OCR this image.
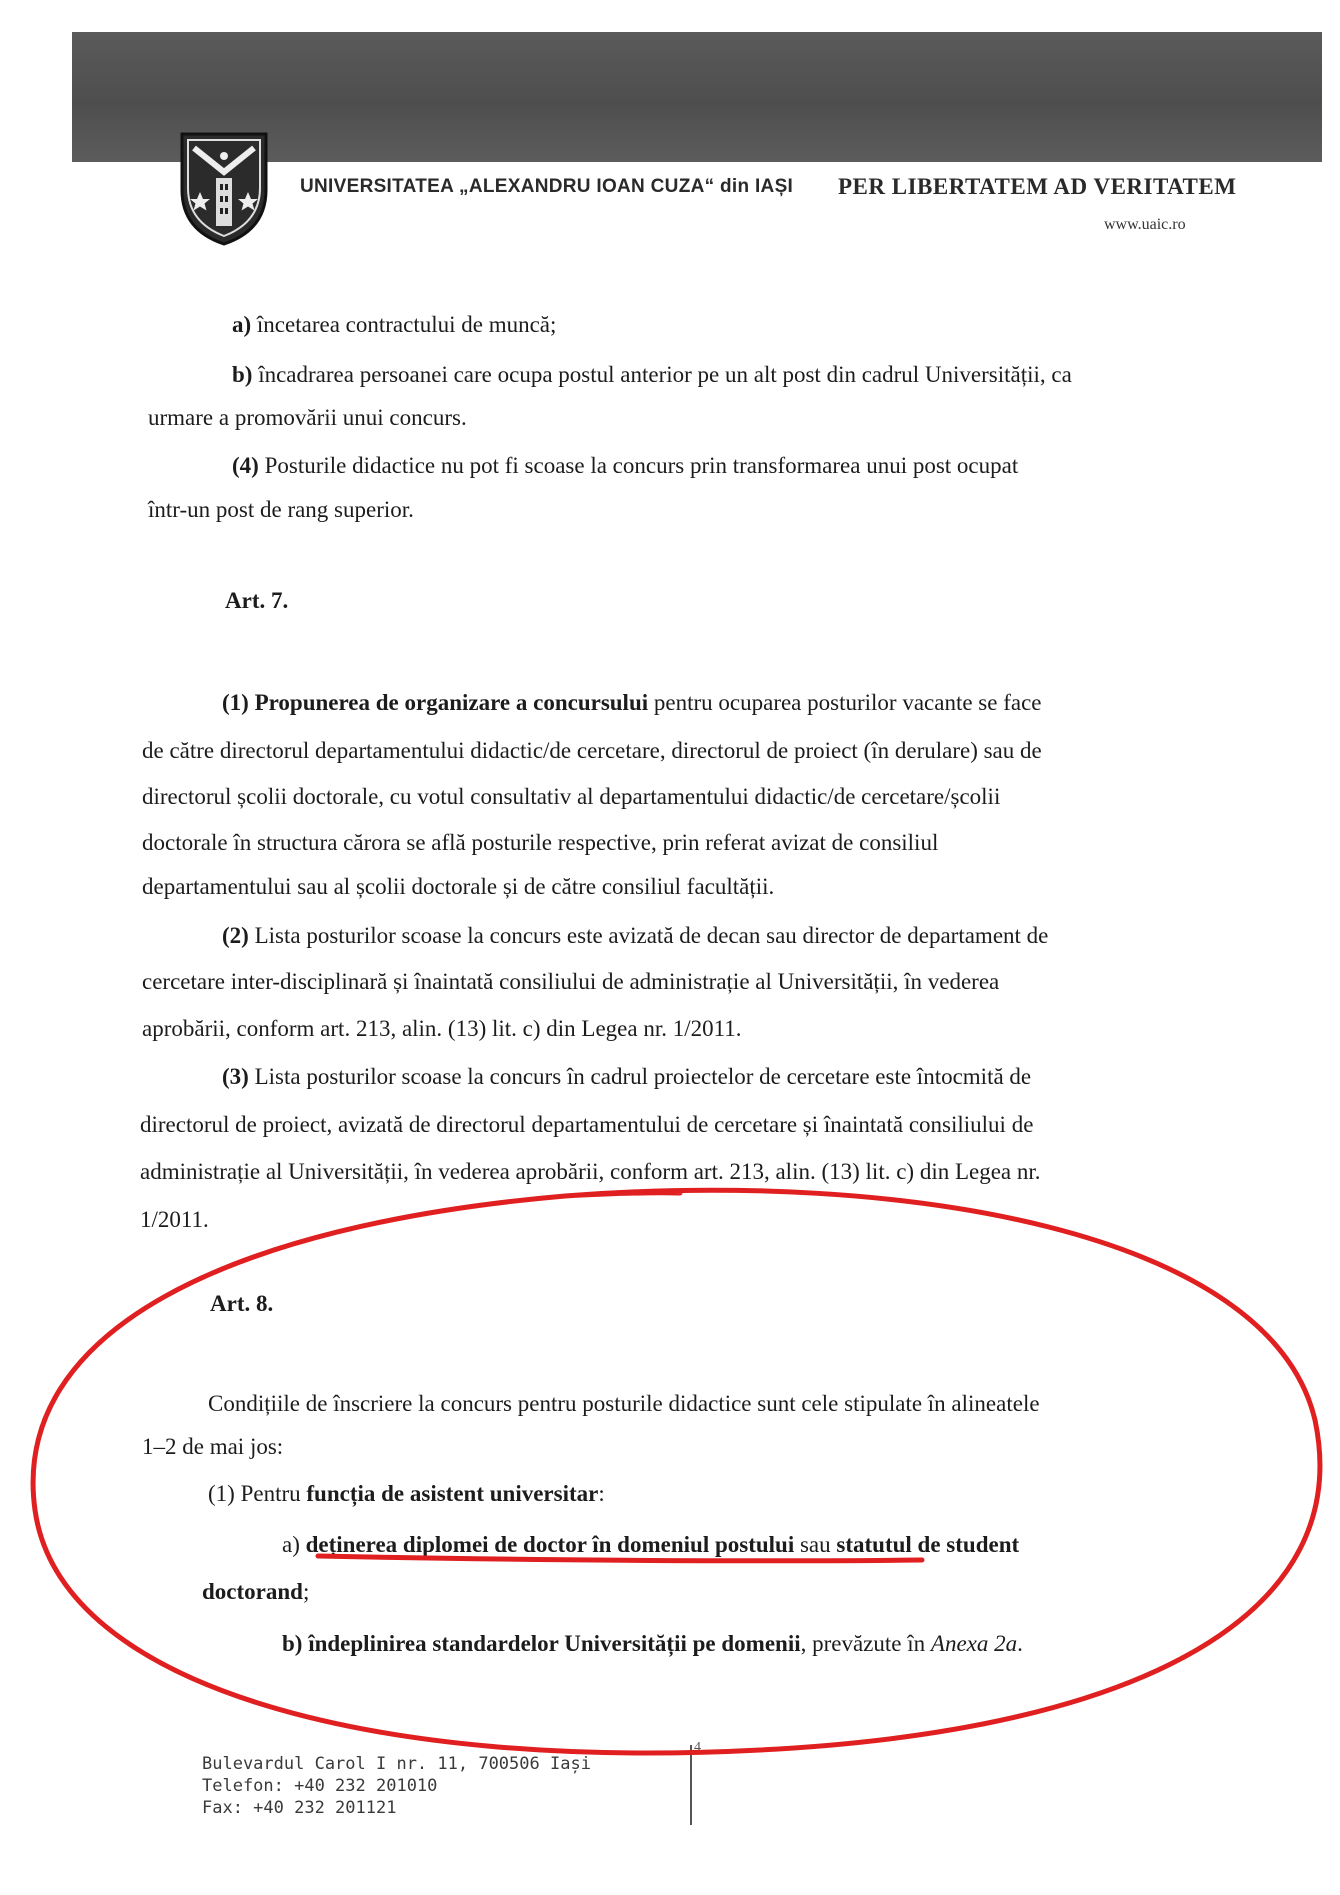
UNIVERSITATEA „ALEXANDRU IOAN CUZA“ din IAȘI PER LIBERTATEM AD VERITATEM
www.uaic.ro
a) încetarea contractului de muncă;
b) încadrarea persoanei care ocupa postul anterior pe un alt post din cadrul Universității, ca
urmare a promovării unui concurs.
(4) Posturile didactice nu pot fi scoase la concurs prin transformarea unui post ocupat
într-un post de rang superior.
Art. 7.
(1) Propunerea de organizare a concursului pentru ocuparea posturilor vacante se face
de către directorul departamentului didactic/de cercetare, directorul de proiect (în derulare) sau de
directorul școlii doctorale, cu votul consultativ al departamentului didactic/de cercetare/școlii
doctorale în structura cărora se află posturile respective, prin referat avizat de consiliul
departamentului sau al școlii doctorale și de către consiliul facultății.
(2) Lista posturilor scoase la concurs este avizată de decan sau director de departament de
cercetare inter-disciplinară și înaintată consiliului de administrație al Universității, în vederea
aprobării, conform art. 213, alin. (13) lit. c) din Legea nr. 1/2011.
(3) Lista posturilor scoase la concurs în cadrul proiectelor de cercetare este întocmită de
directorul de proiect, avizată de directorul departamentului de cercetare și înaintată consiliului de
administrație al Universității, în vederea aprobării, conform art. 213, alin. (13) lit. c) din Legea nr.
1/2011.
Art. 8.
Condițiile de înscriere la concurs pentru posturile didactice sunt cele stipulate în alineatele
1–2 de mai jos:
(1) Pentru funcția de asistent universitar:
a) deținerea diplomei de doctor în domeniul postului sau statutul de student
doctorand;
b) îndeplinirea standardelor Universității pe domenii, prevăzute în Anexa 2a.
4
Bulevardul Carol I nr. 11, 700506 Iași
Telefon: +40 232 201010
Fax: +40 232 201121
